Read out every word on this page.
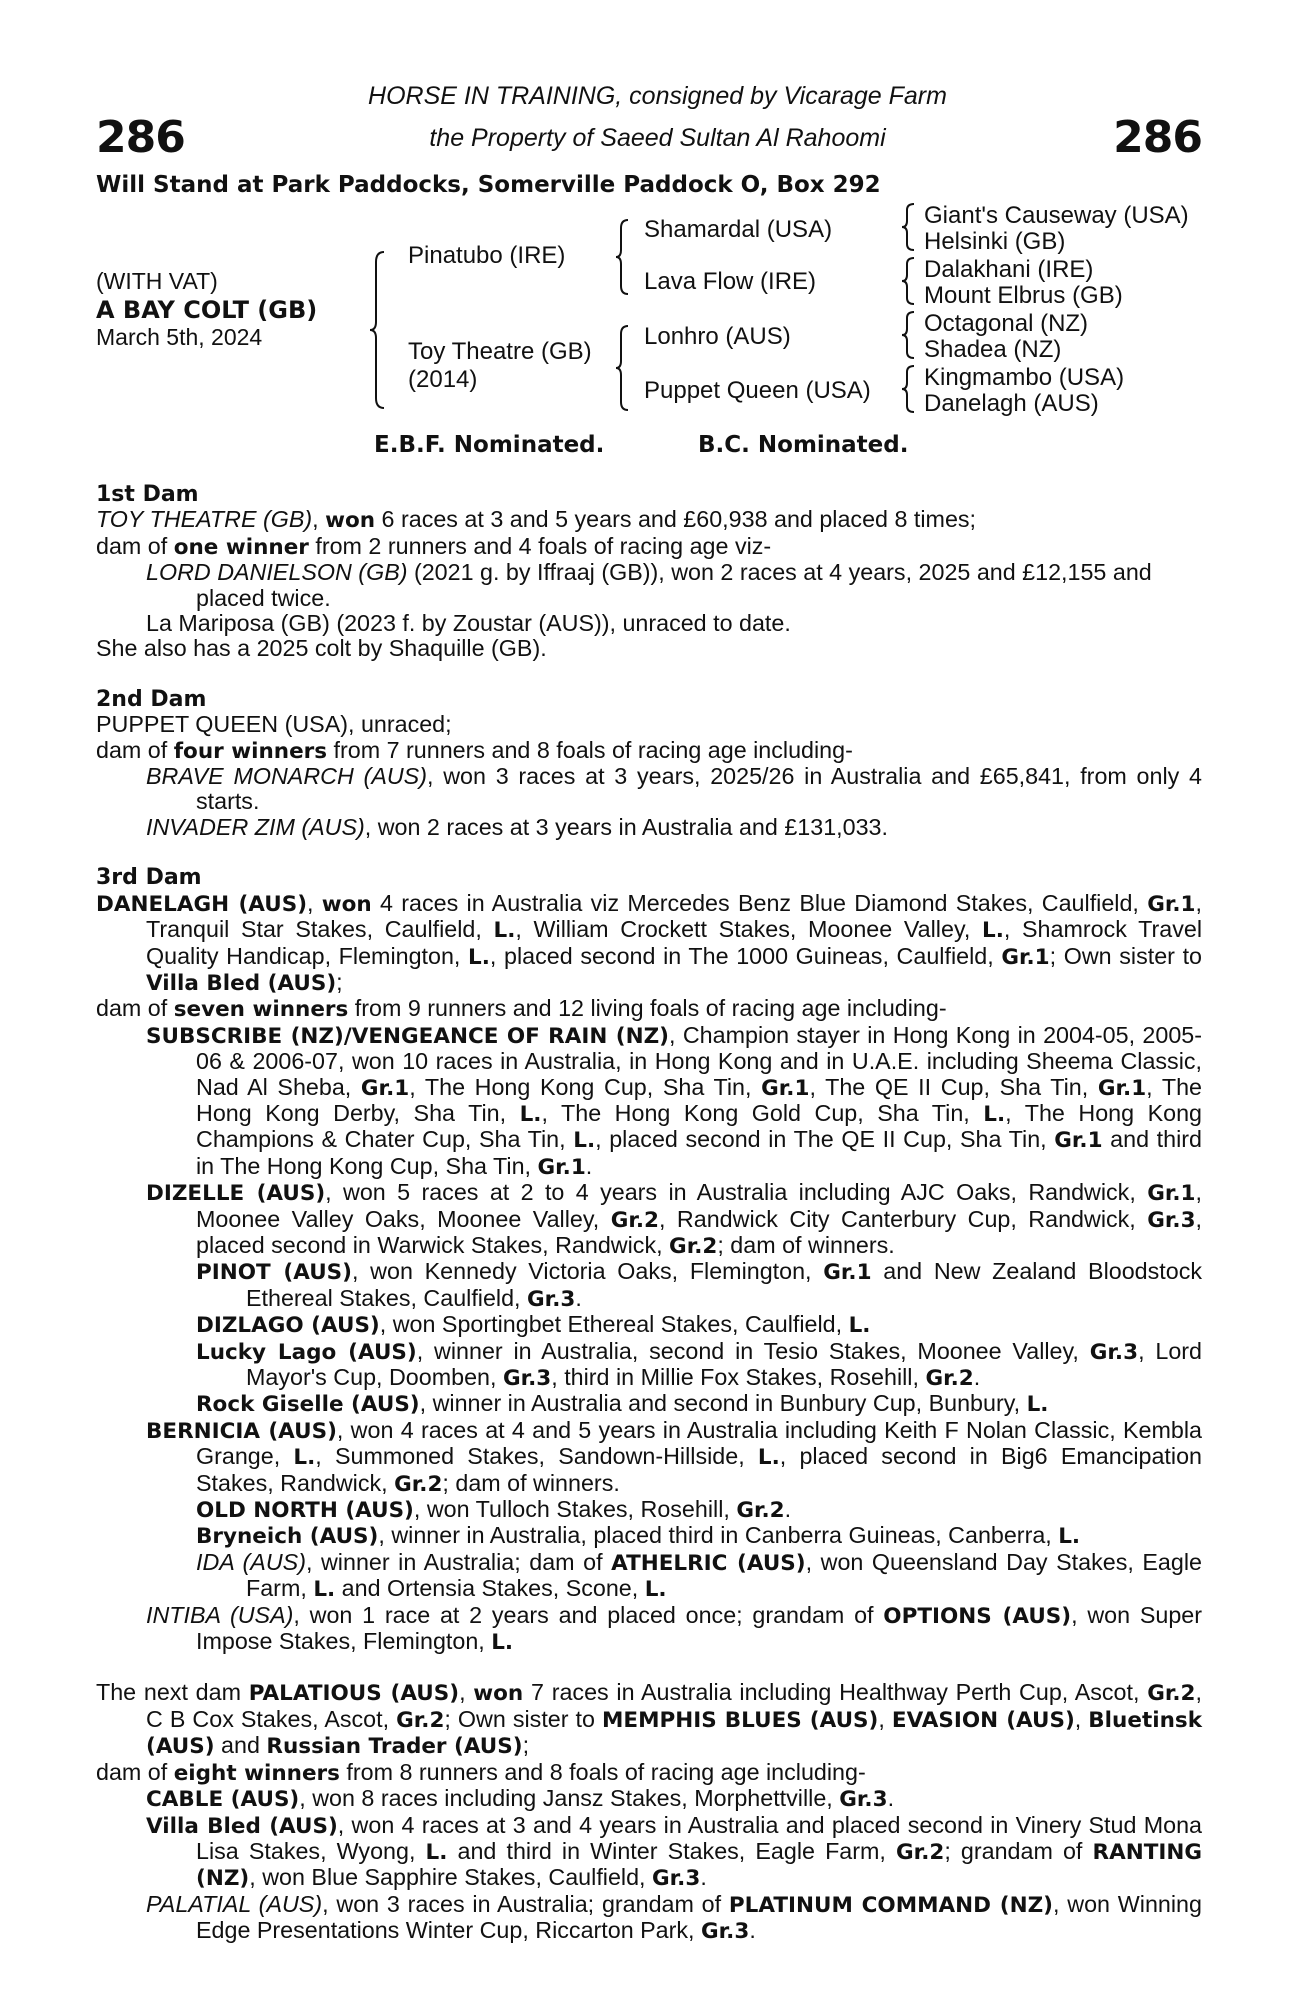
286	286
HORSE IN TRAINING, consigned by Vicarage Farm
the Property of Saeed Sultan Al Rahoomi
Will Stand at Park Paddocks, Somerville Paddock O, Box 292
(WITH VAT)
A BAY COLT (GB)
March 5th, 2024
Pinatubo (IRE)
Toy Theatre (GB)
(2014)
Shamardal (USA)
Lava Flow (IRE)
Lonhro (AUS)
Puppet Queen (USA)
Giant's Causeway (USA)
Helsinki (GB)
Dalakhani (IRE)
Mount Elbrus (GB)
Octagonal (NZ)
Shadea (NZ)
Kingmambo (USA)
Danelagh (AUS)
E.B.F. Nominated.	B.C. Nominated.

1st Dam

TOY THEATRE (GB), won 6 races at 3 and 5 years and £60,938 and placed 8 times;

dam of one winner from 2 runners and 4 foals of racing age viz-

LORD DANIELSON (GB) (2021 g. by Iffraaj (GB)), won 2 races at 4 years, 2025 and £12,155 and placed twice.

La Mariposa (GB) (2023 f. by Zoustar (AUS)), unraced to date.

She also has a 2025 colt by Shaquille (GB).

2nd Dam

PUPPET QUEEN (USA), unraced;

dam of four winners from 7 runners and 8 foals of racing age including-

BRAVE MONARCH (AUS), won 3 races at 3 years, 2025/26 in Australia and £65,841, from only 4 starts.

INVADER ZIM (AUS), won 2 races at 3 years in Australia and £131,033.

3rd Dam

DANELAGH (AUS), won 4 races in Australia viz Mercedes Benz Blue Diamond Stakes, Caulfield, Gr.1, Tranquil Star Stakes, Caulfield, L., William Crockett Stakes, Moonee Valley, L., Shamrock Travel Quality Handicap, Flemington, L., placed second in The 1000 Guineas, Caulfield, Gr.1; Own sister to Villa Bled (AUS);

dam of seven winners from 9 runners and 12 living foals of racing age including-

SUBSCRIBE (NZ)/VENGEANCE OF RAIN (NZ), Champion stayer in Hong Kong in 2004-05, 2005-06 & 2006-07, won 10 races in Australia, in Hong Kong and in U.A.E. including Sheema Classic, Nad Al Sheba, Gr.1, The Hong Kong Cup, Sha Tin, Gr.1, The QE II Cup, Sha Tin, Gr.1, The Hong Kong Derby, Sha Tin, L., The Hong Kong Gold Cup, Sha Tin, L., The Hong Kong Champions & Chater Cup, Sha Tin, L., placed second in The QE II Cup, Sha Tin, Gr.1 and third in The Hong Kong Cup, Sha Tin, Gr.1.

DIZELLE (AUS), won 5 races at 2 to 4 years in Australia including AJC Oaks, Randwick, Gr.1, Moonee Valley Oaks, Moonee Valley, Gr.2, Randwick City Canterbury Cup, Randwick, Gr.3, placed second in Warwick Stakes, Randwick, Gr.2; dam of winners.

PINOT (AUS), won Kennedy Victoria Oaks, Flemington, Gr.1 and New Zealand Bloodstock Ethereal Stakes, Caulfield, Gr.3.

DIZLAGO (AUS), won Sportingbet Ethereal Stakes, Caulfield, L.

Lucky Lago (AUS), winner in Australia, second in Tesio Stakes, Moonee Valley, Gr.3, Lord Mayor's Cup, Doomben, Gr.3, third in Millie Fox Stakes, Rosehill, Gr.2.

Rock Giselle (AUS), winner in Australia and second in Bunbury Cup, Bunbury, L.

BERNICIA (AUS), won 4 races at 4 and 5 years in Australia including Keith F Nolan Classic, Kembla Grange, L., Summoned Stakes, Sandown-Hillside, L., placed second in Big6 Emancipation Stakes, Randwick, Gr.2; dam of winners.

OLD NORTH (AUS), won Tulloch Stakes, Rosehill, Gr.2.

Bryneich (AUS), winner in Australia, placed third in Canberra Guineas, Canberra, L.

IDA (AUS), winner in Australia; dam of ATHELRIC (AUS), won Queensland Day Stakes, Eagle Farm, L. and Ortensia Stakes, Scone, L.

INTIBA (USA), won 1 race at 2 years and placed once; grandam of OPTIONS (AUS), won Super Impose Stakes, Flemington, L.

The next dam PALATIOUS (AUS), won 7 races in Australia including Healthway Perth Cup, Ascot, Gr.2, C B Cox Stakes, Ascot, Gr.2; Own sister to MEMPHIS BLUES (AUS), EVASION (AUS), Bluetinsk (AUS) and Russian Trader (AUS);

dam of eight winners from 8 runners and 8 foals of racing age including-

CABLE (AUS), won 8 races including Jansz Stakes, Morphettville, Gr.3.

Villa Bled (AUS), won 4 races at 3 and 4 years in Australia and placed second in Vinery Stud Mona Lisa Stakes, Wyong, L. and third in Winter Stakes, Eagle Farm, Gr.2; grandam of RANTING (NZ), won Blue Sapphire Stakes, Caulfield, Gr.3.

PALATIAL (AUS), won 3 races in Australia; grandam of PLATINUM COMMAND (NZ), won Winning Edge Presentations Winter Cup, Riccarton Park, Gr.3.
